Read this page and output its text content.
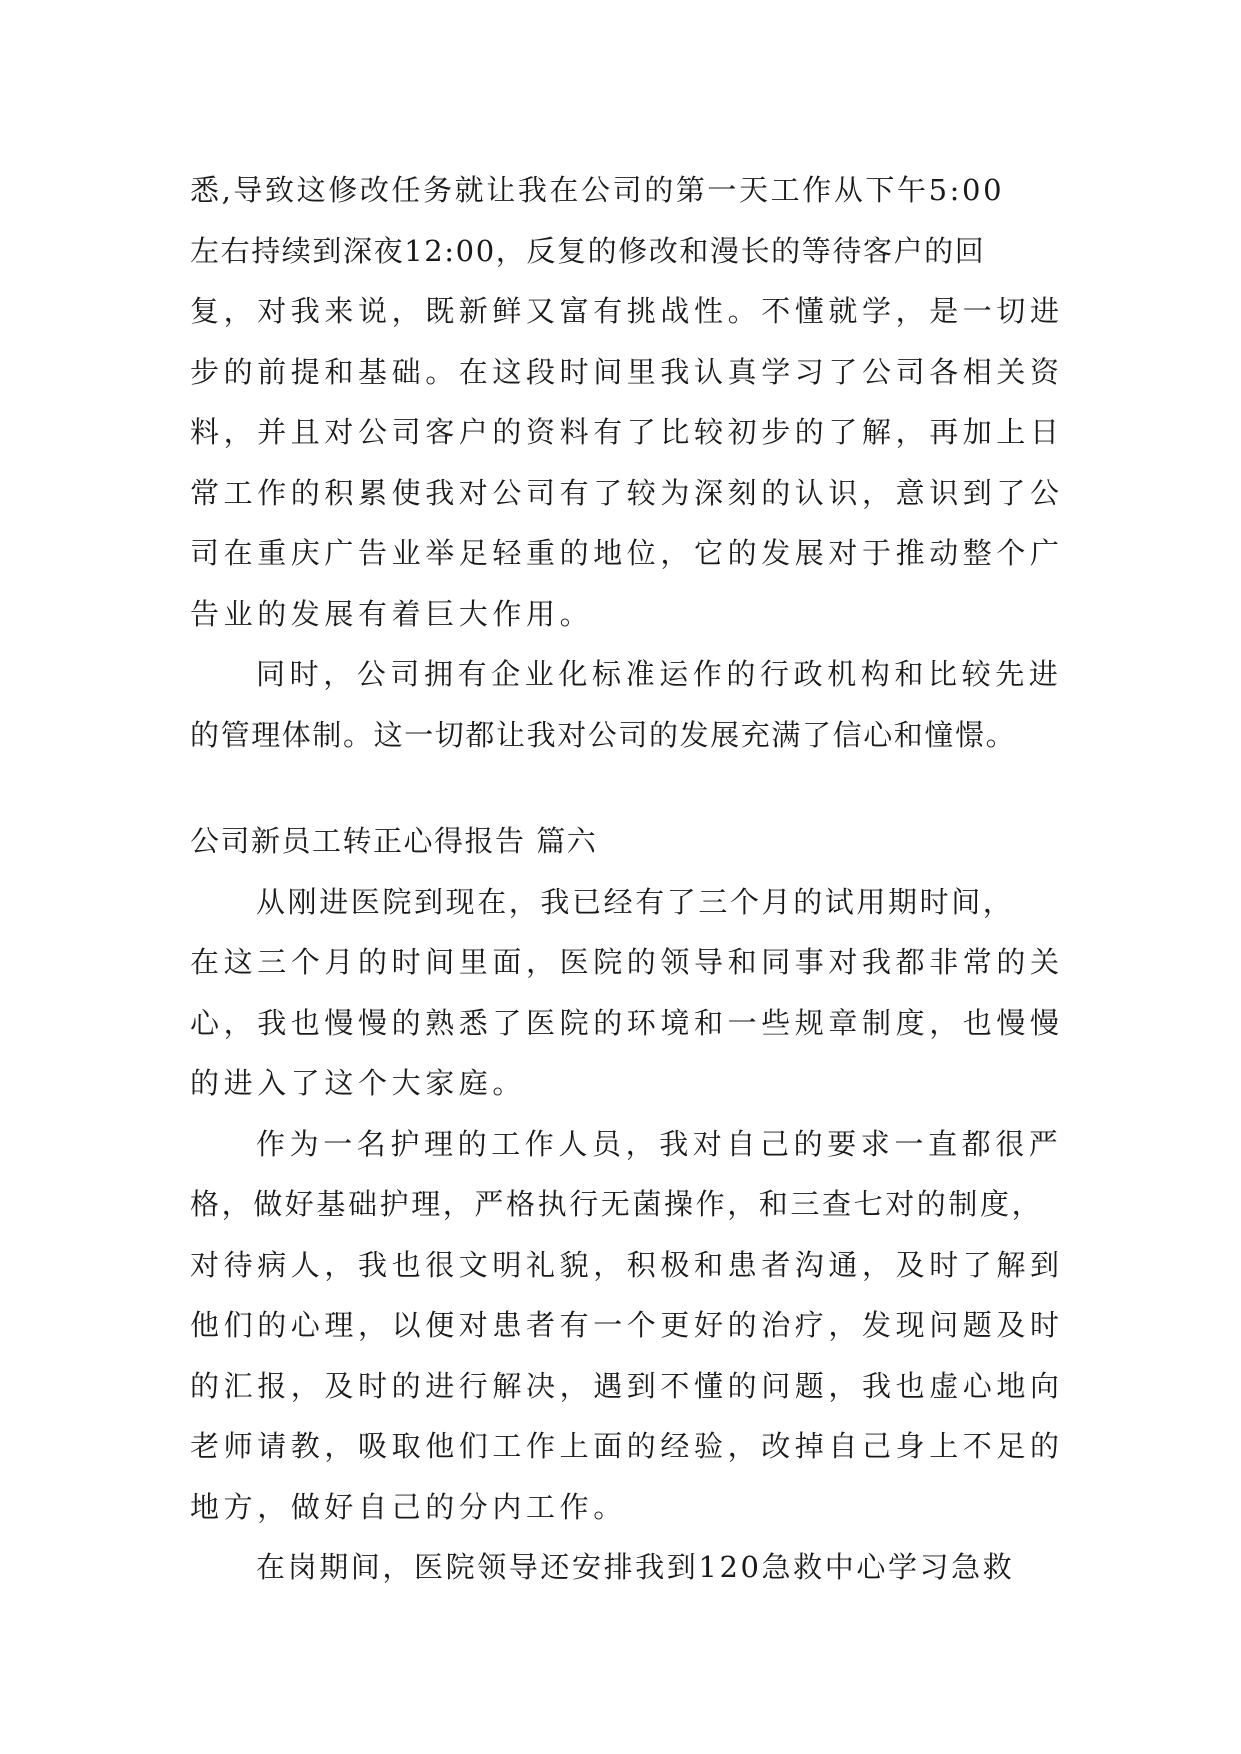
悉,导致这修改任务就让我在公司的第一天工作从下午5:00
左右持续到深夜12:00，反复的修改和漫长的等待客户的回
复，对我来说，既新鲜又富有挑战性。不懂就学，是一切进
步的前提和基础。在这段时间里我认真学习了公司各相关资
料，并且对公司客户的资料有了比较初步的了解，再加上日
常工作的积累使我对公司有了较为深刻的认识，意识到了公
司在重庆广告业举足轻重的地位，它的发展对于推动整个广
告业的发展有着巨大作用。
同时，公司拥有企业化标准运作的行政机构和比较先进
的管理体制。这一切都让我对公司的发展充满了信心和憧憬。
公司新员工转正心得报告 篇六
从刚进医院到现在，我已经有了三个月的试用期时间，
在这三个月的时间里面，医院的领导和同事对我都非常的关
心，我也慢慢的熟悉了医院的环境和一些规章制度，也慢慢
的进入了这个大家庭。
作为一名护理的工作人员，我对自己的要求一直都很严
格，做好基础护理，严格执行无菌操作，和三查七对的制度，
对待病人，我也很文明礼貌，积极和患者沟通，及时了解到
他们的心理，以便对患者有一个更好的治疗，发现问题及时
的汇报，及时的进行解决，遇到不懂的问题，我也虚心地向
老师请教，吸取他们工作上面的经验，改掉自己身上不足的
地方，做好自己的分内工作。
在岗期间，医院领导还安排我到120急救中心学习急救
